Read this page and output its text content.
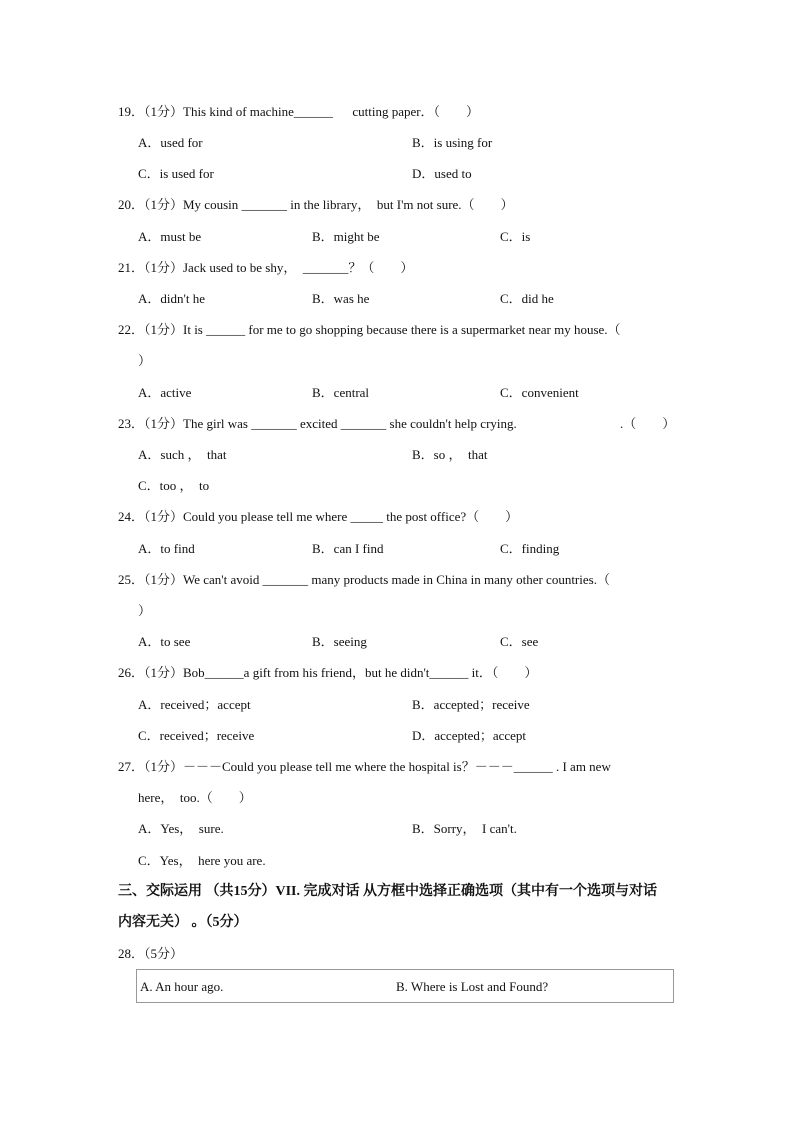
19．（1分）This kind of machine______      cutting paper．（　　）
A．used for	B．is using for
C．is used for	D．used to
20．（1分）My cousin _______ in the library，  but I'm not sure.（　　）
A．must be	B．might be	C．is
21．（1分）Jack used to be shy，  _______？（　　）
A．didn't he	B．was he	C．did he
22．（1分）It is ______ for me to go shopping because there is a supermarket near my house.（
）
A．active	B．central	C．convenient
23．（1分）The girl was _______ excited _______ she couldn't help crying.	.（　　）
A．such ，  that	B．so ，  that
C．too ，  to
24．（1分）Could you please tell me where _____ the post office?（　　）
A．to find	B．can I find	C．finding
25．（1分）We can't avoid _______ many products made in China in many other countries.（
）
A．to see	B．seeing	C．see
26．（1分）Bob______a gift from his friend，but he didn't______ it．（　　）
A．received；accept	B．accepted；receive
C．received；receive	D．accepted；accept
27．（1分）－－－Could you please tell me where the hospital is？－－－______ . I am new
here，  too.（　　）
A．Yes，  sure.	B．Sorry，  I can't.
C．Yes，  here you are.
三、交际运用 （共15分）VII. 完成对话 从方框中选择正确选项（其中有一个选项与对话
内容无关） 。（5分）
28．（5分）
A. An hour ago.	B. Where is Lost and Found?
